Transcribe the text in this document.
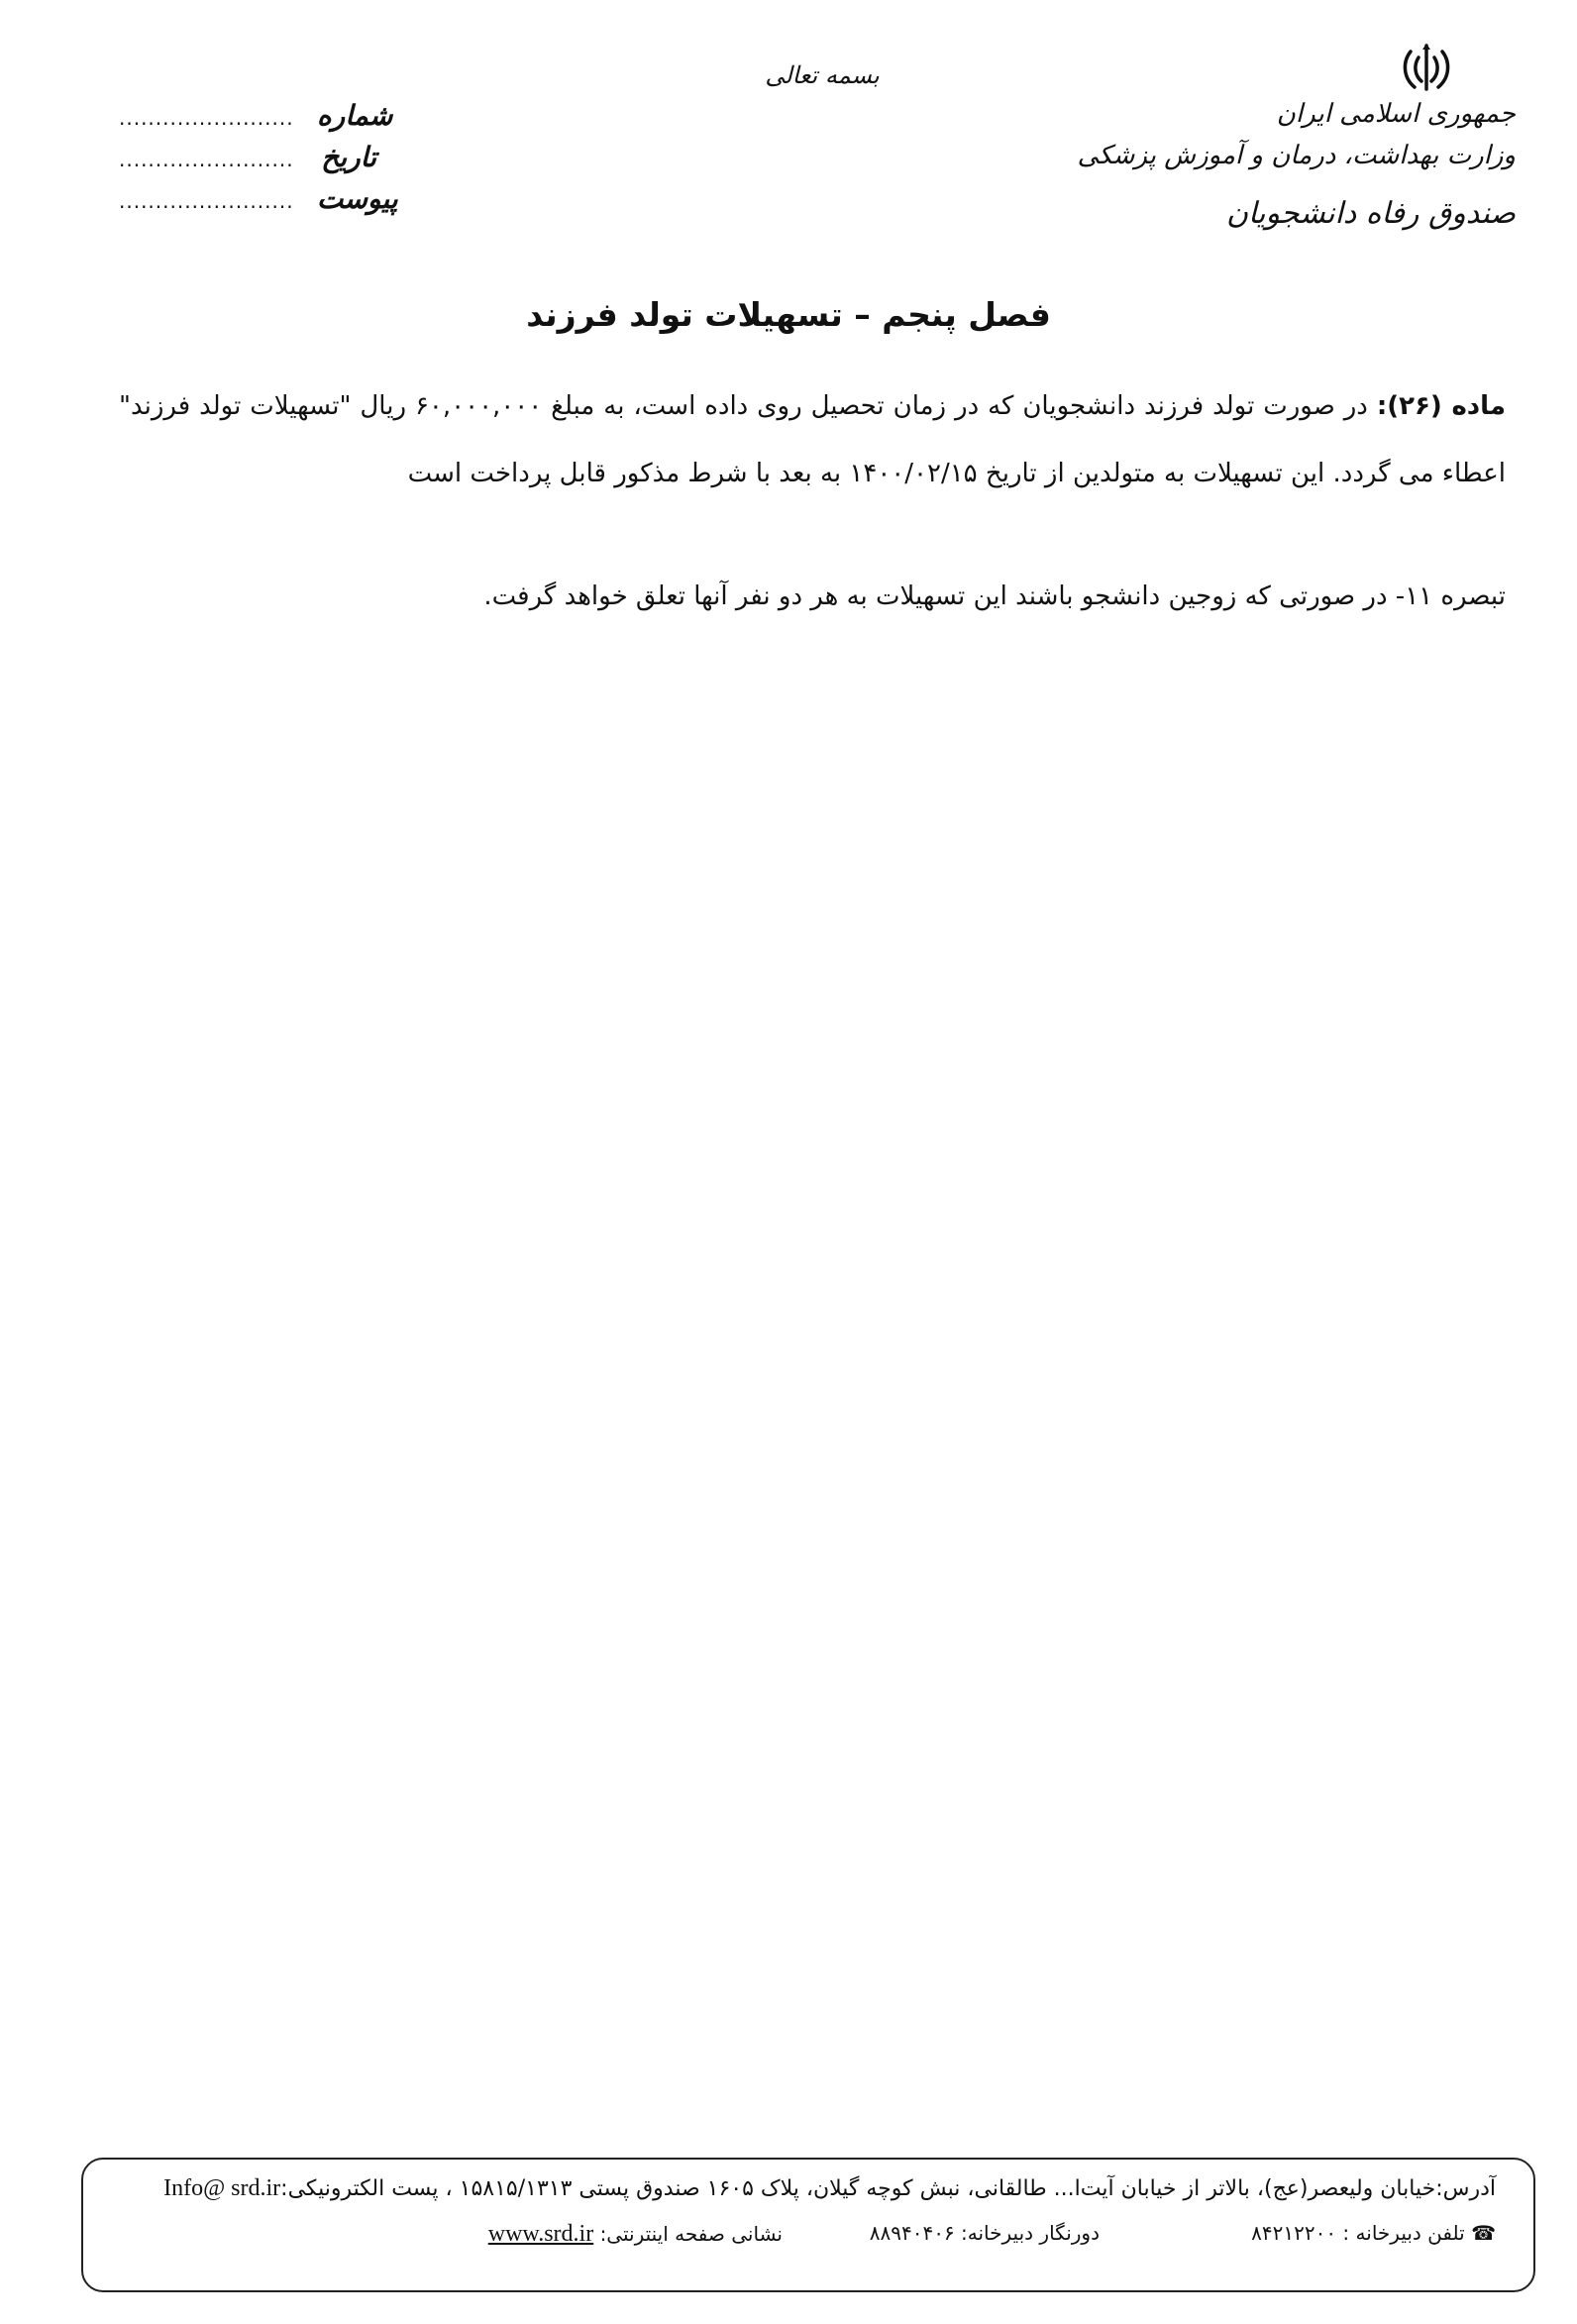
بسمه تعالی
جمهوری اسلامی ایران
وزارت بهداشت، درمان و آموزش پزشکی
صندوق رفاه دانشجویان
شماره
........................
تاریخ
........................
پیوست
........................
فصل پنجم – تسهیلات تولد فرزند
ماده (۲۶): در صورت تولد فرزند دانشجویان که در زمان تحصیل روی داده است، به مبلغ ۶۰,۰۰۰,۰۰۰ ریال "تسهیلات تولد فرزند" اعطاء می گردد. این تسهیلات به متولدین از تاریخ ۱۴۰۰/۰۲/۱۵ به بعد با شرط مذکور قابل پرداخت است
تبصره ۱۱- در صورتی که زوجین دانشجو باشند این تسهیلات به هر دو نفر آنها تعلق خواهد گرفت.
آدرس:خیابان ولیعصر(عج)، بالاتر از خیابان آیت‌ا... طالقانی، نبش کوچه گیلان، پلاک ۱۶۰۵ صندوق پستی ۱۵۸۱۵/۱۳۱۳ ، پست الکترونیکی:Info@ srd.ir
☎ تلفن دبیرخانه : ۸۴۲۱۲۲۰۰
دورنگار دبیرخانه: ۸۸۹۴۰۴۰۶
نشانی صفحه اینترنتی: www.srd.ir
